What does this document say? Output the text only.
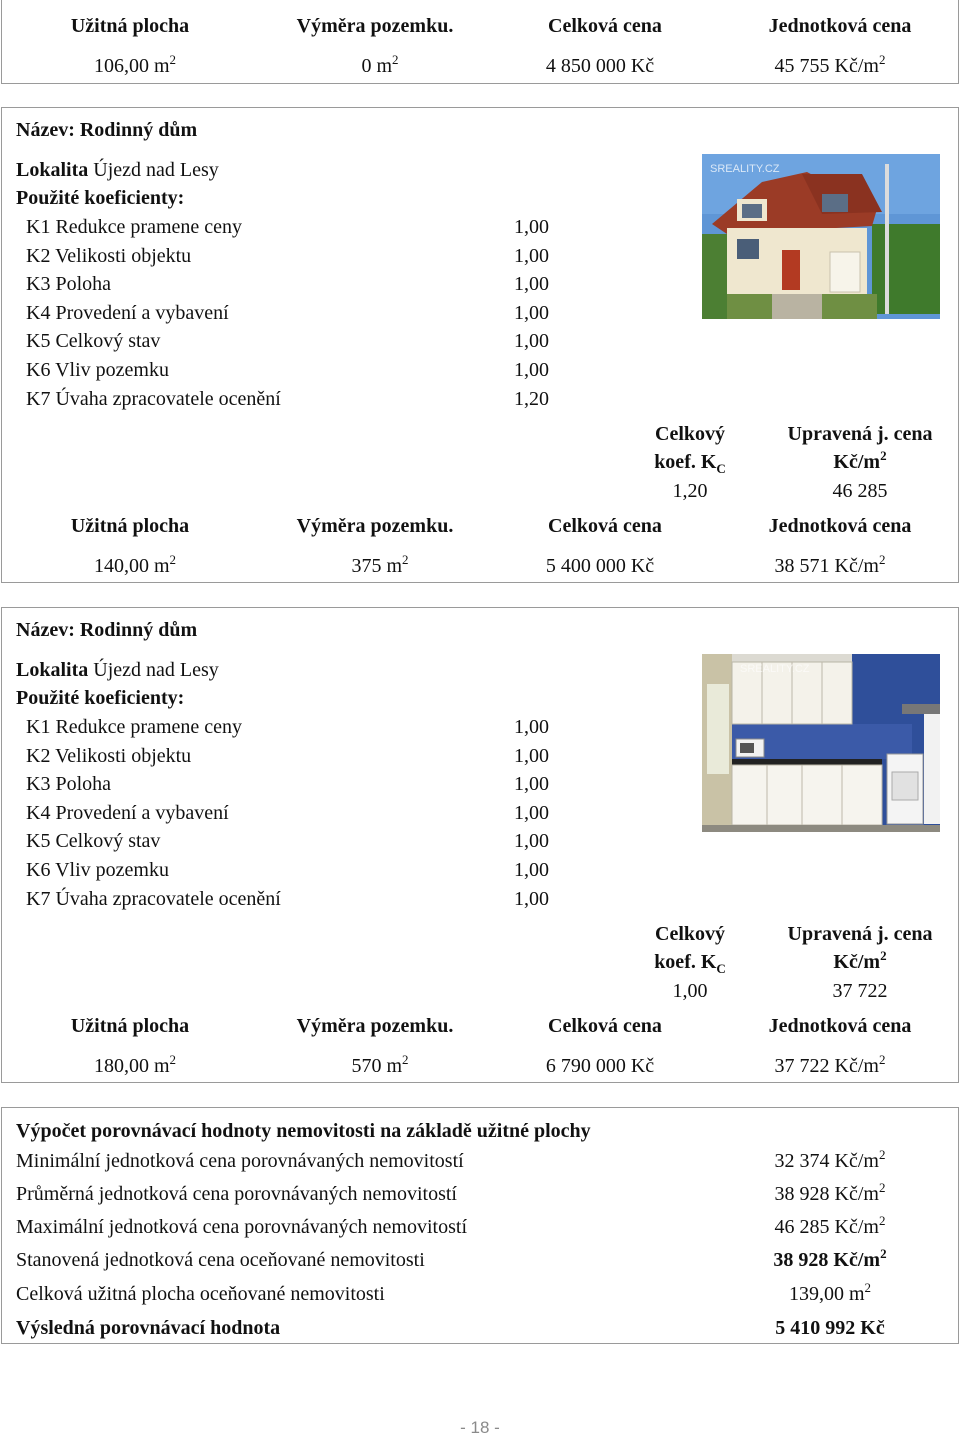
Užitná plocha	Výměra pozemku.	Celková cena	Jednotková cena
106,00 $m^2$	0 $m^2$	4 850 000 Kč	45 755 $Kč/m^2$
Název: Rodinný dům
Lokalita Újezd nad Lesy
Použité koeficienty:
K1 Redukce pramene ceny	1,00
K2 Velikosti objektu	1,00
K3 Poloha	1,00
K4 Provedení a vybavení	1,00
K5 Celkový stav	1,00
K6 Vliv pozemku	1,00
K7 Úvaha zpracovatele ocenění	1,20
SREALITY.CZ
Celkový
koef. $K_C$
Upravená j. cena
$Kč/m^2$
1,20	46 285
Užitná plocha	Výměra pozemku.	Celková cena	Jednotková cena
140,00 $m^2$	375 $m^2$	5 400 000 Kč	38 571 $Kč/m^2$
Název: Rodinný dům
Lokalita Újezd nad Lesy
Použité koeficienty:
K1 Redukce pramene ceny	1,00
K2 Velikosti objektu	1,00
K3 Poloha	1,00
K4 Provedení a vybavení	1,00
K5 Celkový stav	1,00
K6 Vliv pozemku	1,00
K7 Úvaha zpracovatele ocenění	1,00
SREALITY.CZ
Celkový
koef. $K_C$
Upravená j. cena
$Kč/m^2$
1,00	37 722
Užitná plocha	Výměra pozemku.	Celková cena	Jednotková cena
180,00 $m^2$	570 $m^2$	6 790 000 Kč	37 722 $Kč/m^2$
Výpočet porovnávací hodnoty nemovitosti na základě užitné plochy
Minimální jednotková cena porovnávaných nemovitostí	32 374 $Kč/m^2$
Průměrná jednotková cena porovnávaných nemovitostí	38 928 $Kč/m^2$
Maximální jednotková cena porovnávaných nemovitostí	46 285 $Kč/m^2$
Stanovená jednotková cena oceňované nemovitosti	38 928 $Kč/m^2$
Celková užitná plocha oceňované nemovitosti	139,00 $m^2$
Výsledná porovnávací hodnota	5 410 992 Kč
- 18 -
